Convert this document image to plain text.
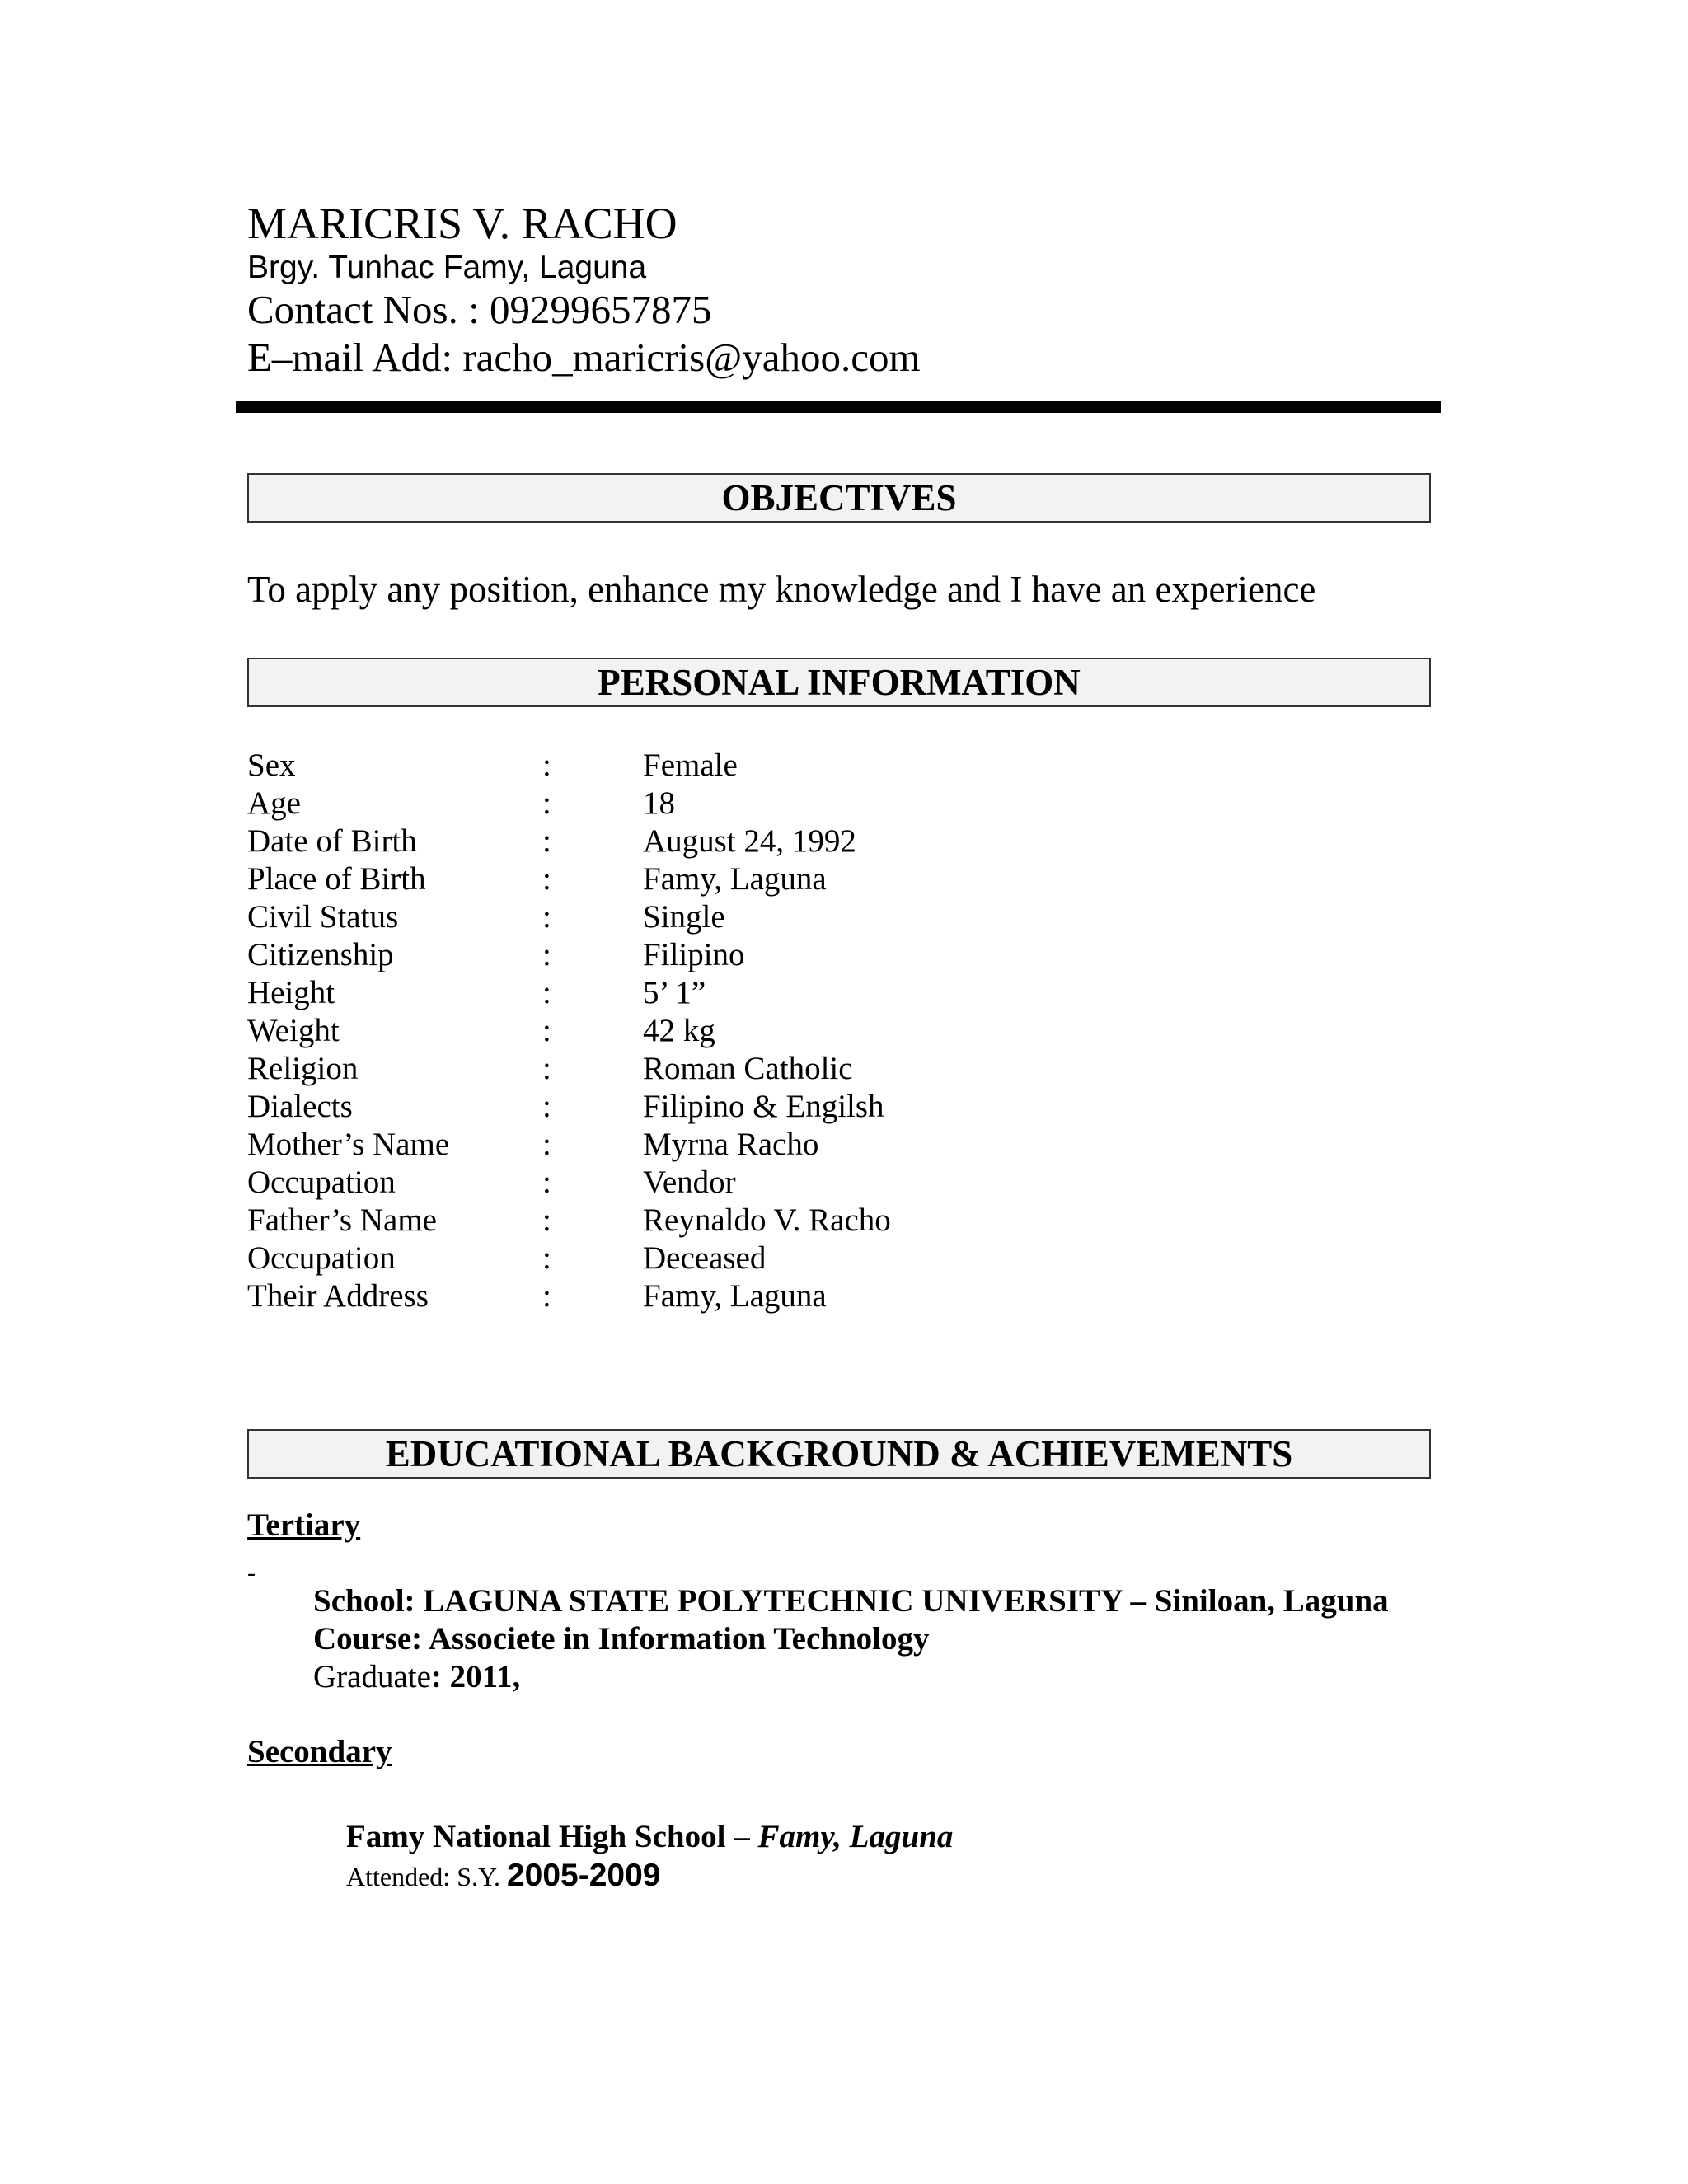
MARICRIS V. RACHO
Brgy. Tunhac Famy, Laguna
Contact Nos. : 09299657875
E–mail Add: racho_maricris@yahoo.com
OBJECTIVES
To apply any position, enhance my knowledge and I have an experience
PERSONAL INFORMATION
Sex	:	Female
Age	:	18
Date of Birth	:	August 24, 1992
Place of Birth	:	Famy, Laguna
Civil Status	:	Single
Citizenship	:	Filipino
Height	:	5’ 1”
Weight	:	42 kg
Religion	:	Roman Catholic
Dialects	:	Filipino & Engilsh
Mother’s Name	:	Myrna Racho
Occupation	:	Vendor
Father’s Name	:	Reynaldo V. Racho
Occupation	:	Deceased
Their Address	:	Famy, Laguna
EDUCATIONAL BACKGROUND & ACHIEVEMENTS
Tertiary
-
School: LAGUNA STATE POLYTECHNIC UNIVERSITY – Siniloan, Laguna
Course: Associete in Information Technology
Graduate: 2011,
Secondary
Famy National High School – Famy, Laguna
Attended: S.Y. 2005-2009
